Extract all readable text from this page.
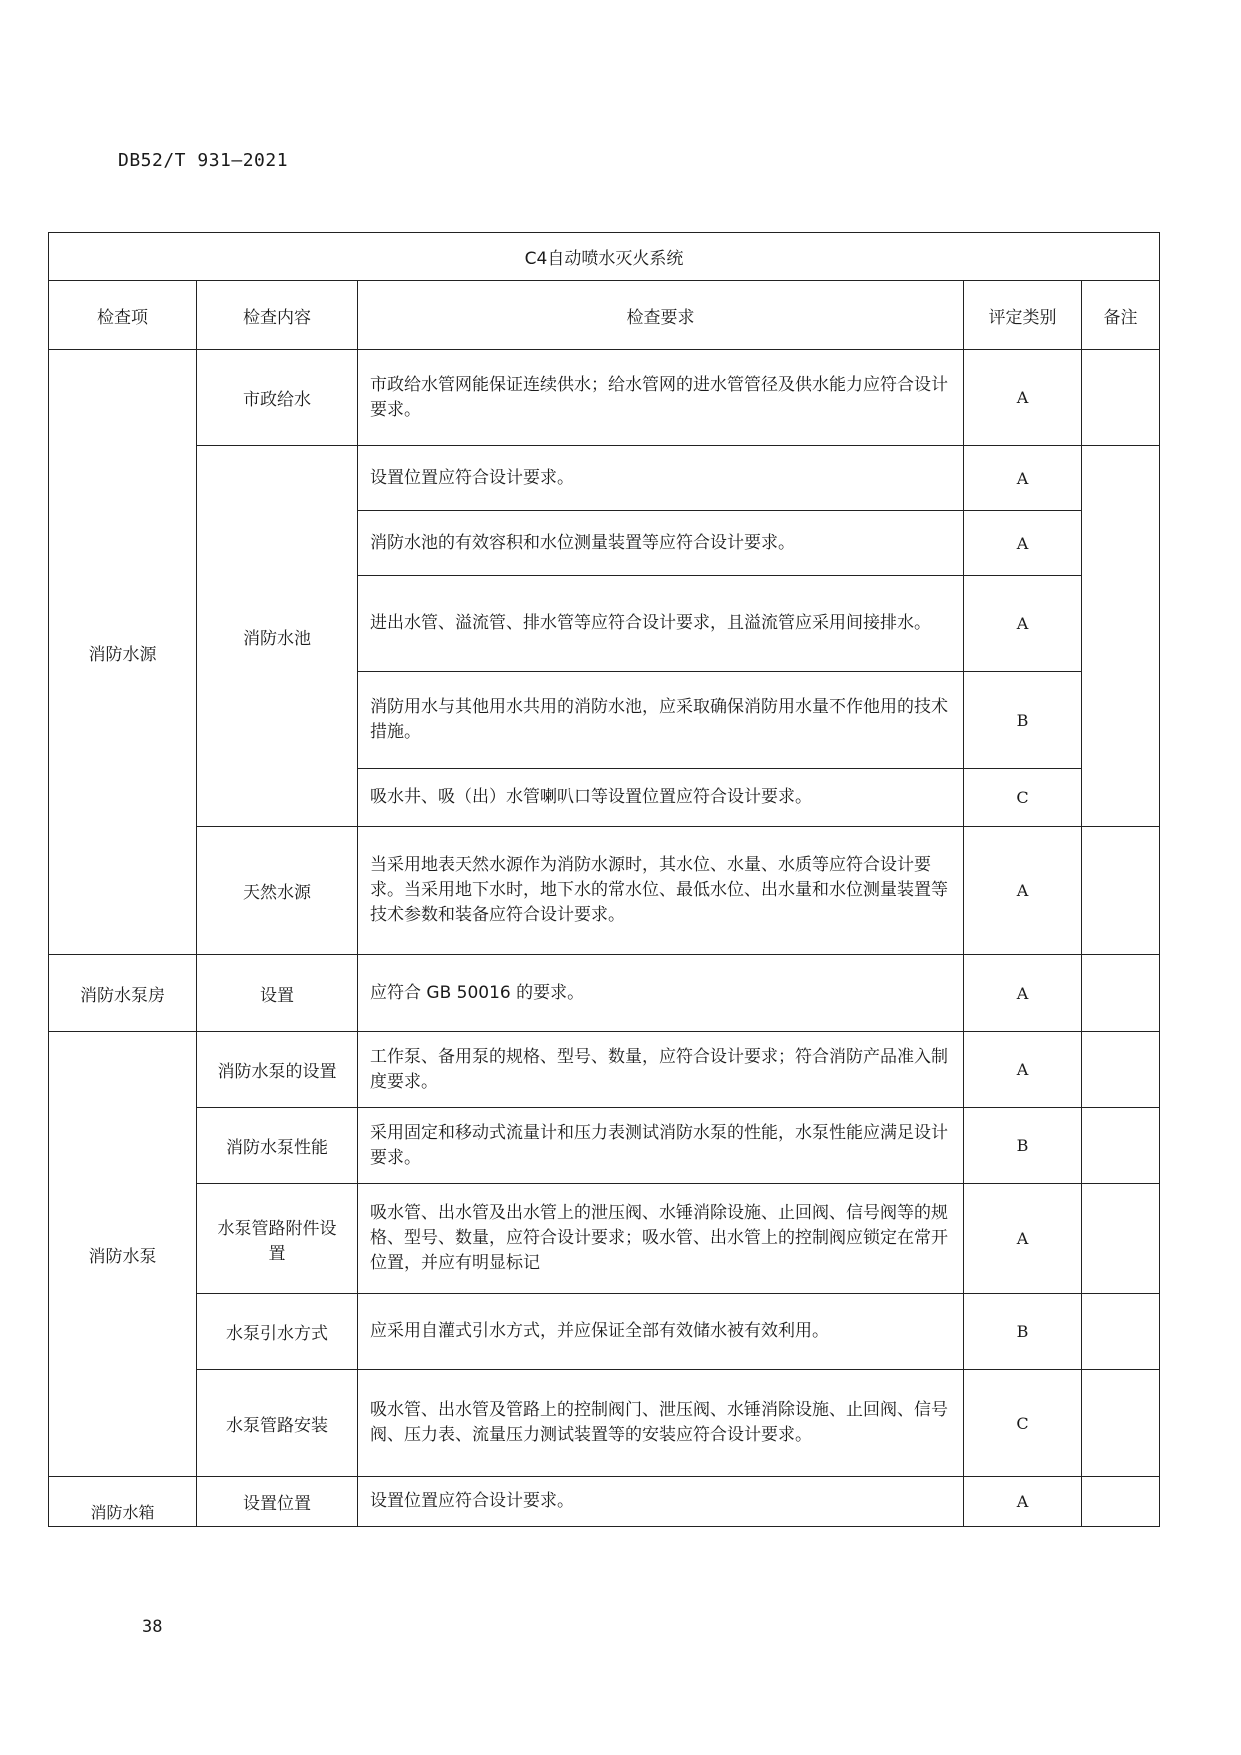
DB52/T 931—2021
C4自动喷水灭火系统				
检查项	检查内容	检查要求	评定类别	备注
消防水源	市政给水	市政给水管网能保证连续供水；给水管网的进水管管径及供水能力应符合设计要求。	A	
	消防水池	设置位置应符合设计要求。	A	
		消防水池的有效容积和水位测量装置等应符合设计要求。	A	
		进出水管、溢流管、排水管等应符合设计要求，且溢流管应采用间接排水。	A	
		消防用水与其他用水共用的消防水池，应采取确保消防用水量不作他用的技术措施。	B	
		吸水井、吸（出）水管喇叭口等设置位置应符合设计要求。	C	
	天然水源	当采用地表天然水源作为消防水源时，其水位、水量、水质等应符合设计要求。当采用地下水时，地下水的常水位、最低水位、出水量和水位测量装置等技术参数和装备应符合设计要求。	A	
消防水泵房	设置	应符合 GB 50016 的要求。	A	
消防水泵	消防水泵的设置	工作泵、备用泵的规格、型号、数量，应符合设计要求；符合消防产品准入制度要求。	A	
	消防水泵性能	采用固定和移动式流量计和压力表测试消防水泵的性能，水泵性能应满足设计要求。	B	
	水泵管路附件设置	吸水管、出水管及出水管上的泄压阀、水锤消除设施、止回阀、信号阀等的规格、型号、数量，应符合设计要求；吸水管、出水管上的控制阀应锁定在常开位置，并应有明显标记	A	
	水泵引水方式	应采用自灌式引水方式，并应保证全部有效储水被有效利用。	B	
	水泵管路安装	吸水管、出水管及管路上的控制阀门、泄压阀、水锤消除设施、止回阀、信号阀、压力表、流量压力测试装置等的安装应符合设计要求。	C	
消防水箱	设置位置	设置位置应符合设计要求。	A	
38
